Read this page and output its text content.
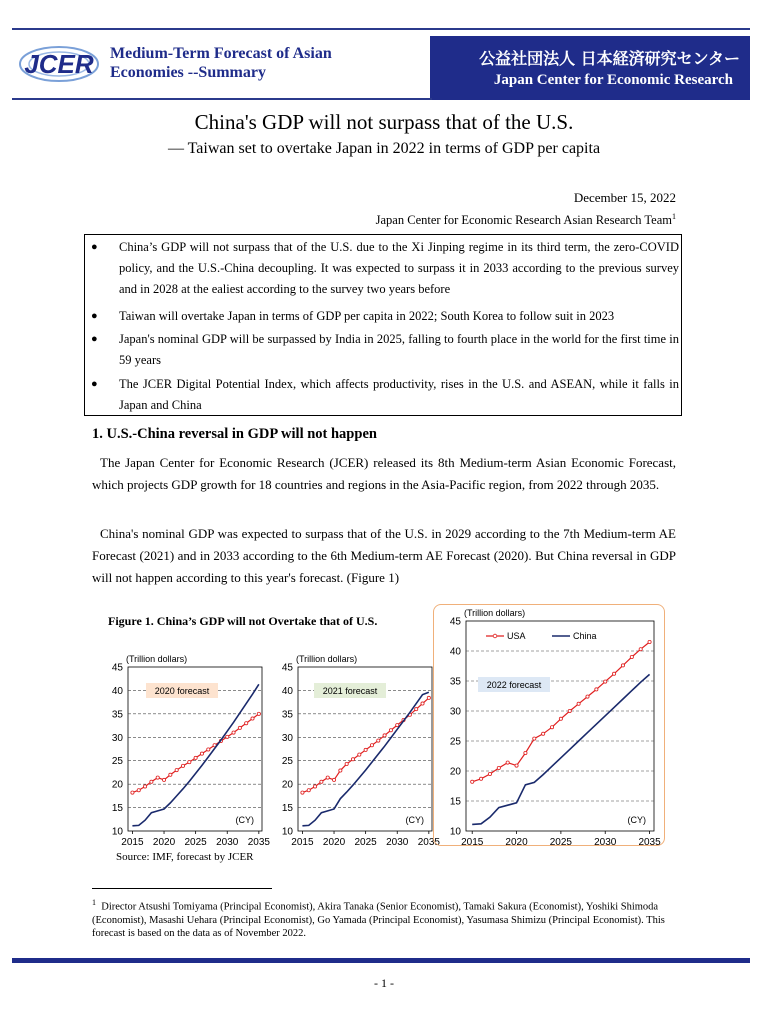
JCER Medium-Term Forecast of Asian
Economies --Summary
公益社団法人 日本経済研究センター
Japan Center for Economic Research
China's GDP will not surpass that of the U.S.
— Taiwan set to overtake Japan in 2022 in terms of GDP per capita
December 15, 2022
Japan Center for Economic Research Asian Research Team$^1$
●	China’s GDP will not surpass that of the U.S. due to the Xi Jinping regime in its third term, the zero-COVID policy, and the U.S.-China decoupling. It was expected to surpass it in 2033 according to the previous survey and in 2028 at the ealiest according to the survey two years before
●	Taiwan will overtake Japan in terms of GDP per capita in 2022; South Korea to follow suit in 2023
●	Japan's nominal GDP will be surpassed by India in 2025, falling to fourth place in the world for the first time in 59 years
●	The JCER Digital Potential Index, which affects productivity, rises in the U.S. and ASEAN, while it falls in Japan and China
1. U.S.-China reversal in GDP will not happen
The Japan Center for Economic Research (JCER) released its 8th Medium-term Asian Economic Forecast, which projects GDP growth for 18 countries and regions in the Asia-Pacific region, from 2022 through 2035.
China's nominal GDP was expected to surpass that of the U.S. in 2029 according to the 7th Medium-term AE Forecast (2021) and in 2033 according to the 6th Medium-term AE Forecast (2020). But China reversal in GDP will not happen according to this year's forecast. (Figure 1)
Figure 1. China’s GDP will not Overtake that of U.S.
45
40
35
30
25
20
15
10
2015 2020 2025 2030 2035
(Trillion dollars)
(CY)
2020 forecast
45
40
35
30
25
20
15
10
2015 2020 2025 2030 2035
(Trillion dollars)
(CY)
2021 forecast
45
40
35
30
25
20
15
10
2015 2020 2025 2030 2035
(Trillion dollars)
(CY)
2022 forecast
USA	China
Source: IMF, forecast by JCER
$^1$ Director Atsushi Tomiyama (Principal Economist), Akira Tanaka (Senior Economist), Tamaki Sakura (Economist), Yoshiki Shimoda (Economist), Masashi Uehara (Principal Economist), Go Yamada (Principal Economist), Yasumasa Shimizu (Principal Economist). This forecast is based on the data as of November 2022.
- 1 -
